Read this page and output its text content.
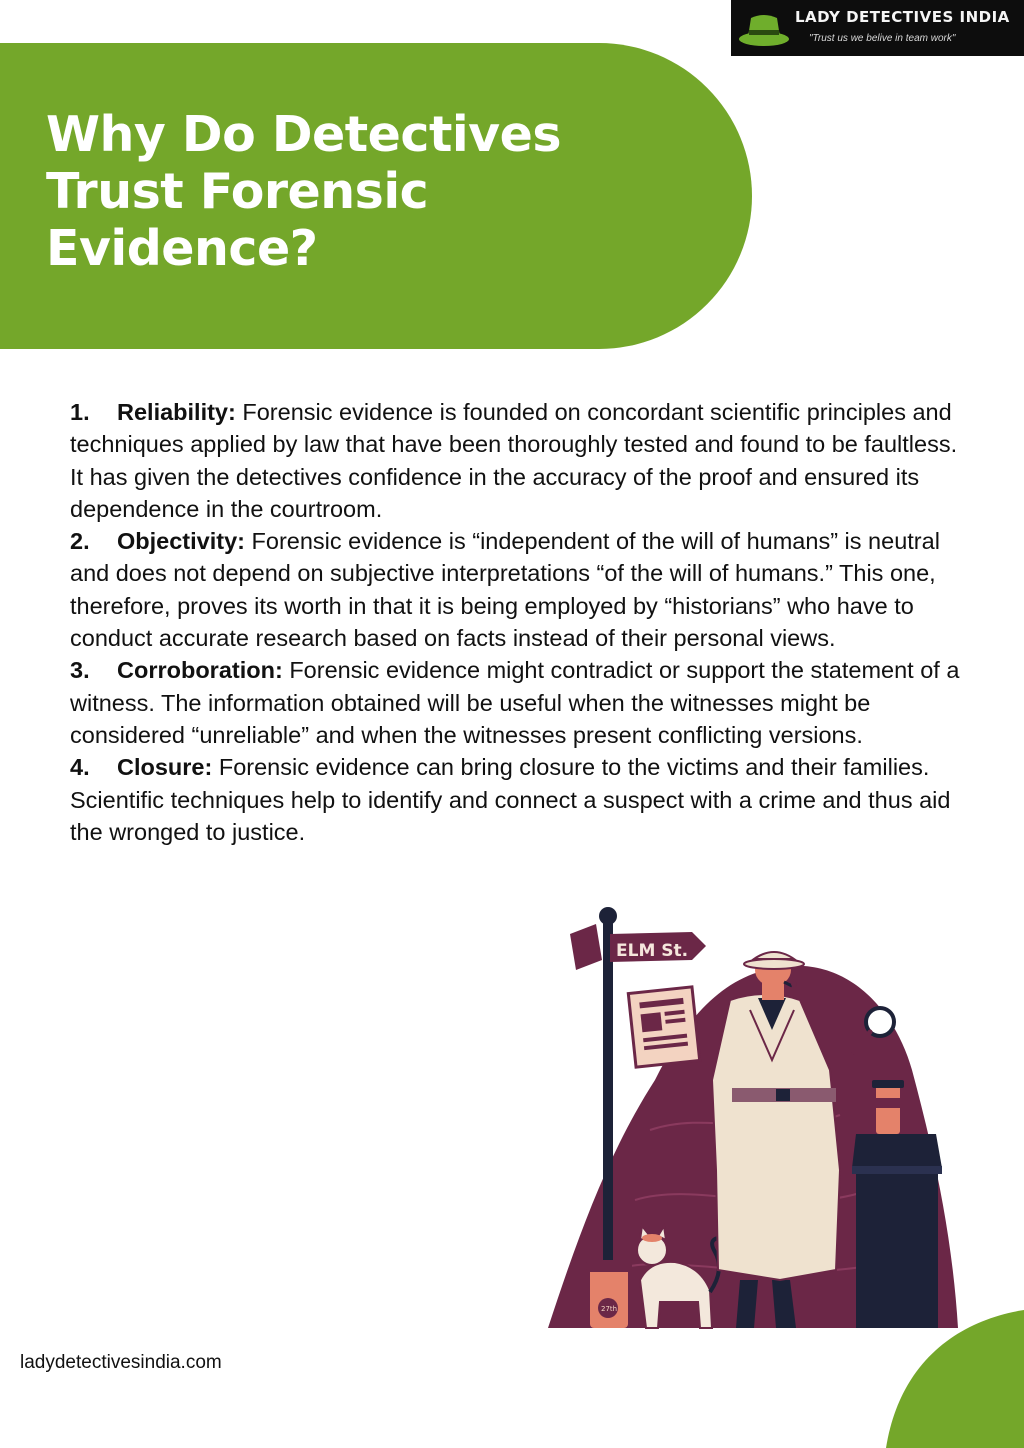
LADY DETECTIVES INDIA
"Trust us we belive in team work"
Why Do Detectives
Trust Forensic
Evidence?

1. Reliability: Forensic evidence is founded on concordant scientific principles and techniques applied by law that have been thoroughly tested and found to be faultless. It has given the detectives confidence in the accuracy of the proof and ensured its dependence in the courtroom.

2. Objectivity: Forensic evidence is “independent of the will of humans” is neutral and does not depend on subjective interpretations “of the will of humans.” This one, therefore, proves its worth in that it is being employed by “historians” who have to conduct accurate research based on facts instead of their personal views.

3. Corroboration: Forensic evidence might contradict or support the statement of a witness. The information obtained will be useful when the witnesses might be considered “unreliable” and when the witnesses present conflicting versions.

4. Closure: Forensic evidence can bring closure to the victims and their families. Scientific techniques help to identify and connect a suspect with a crime and thus aid the wronged to justice.

ELM St.
27th
ladydetectivesindia.com
